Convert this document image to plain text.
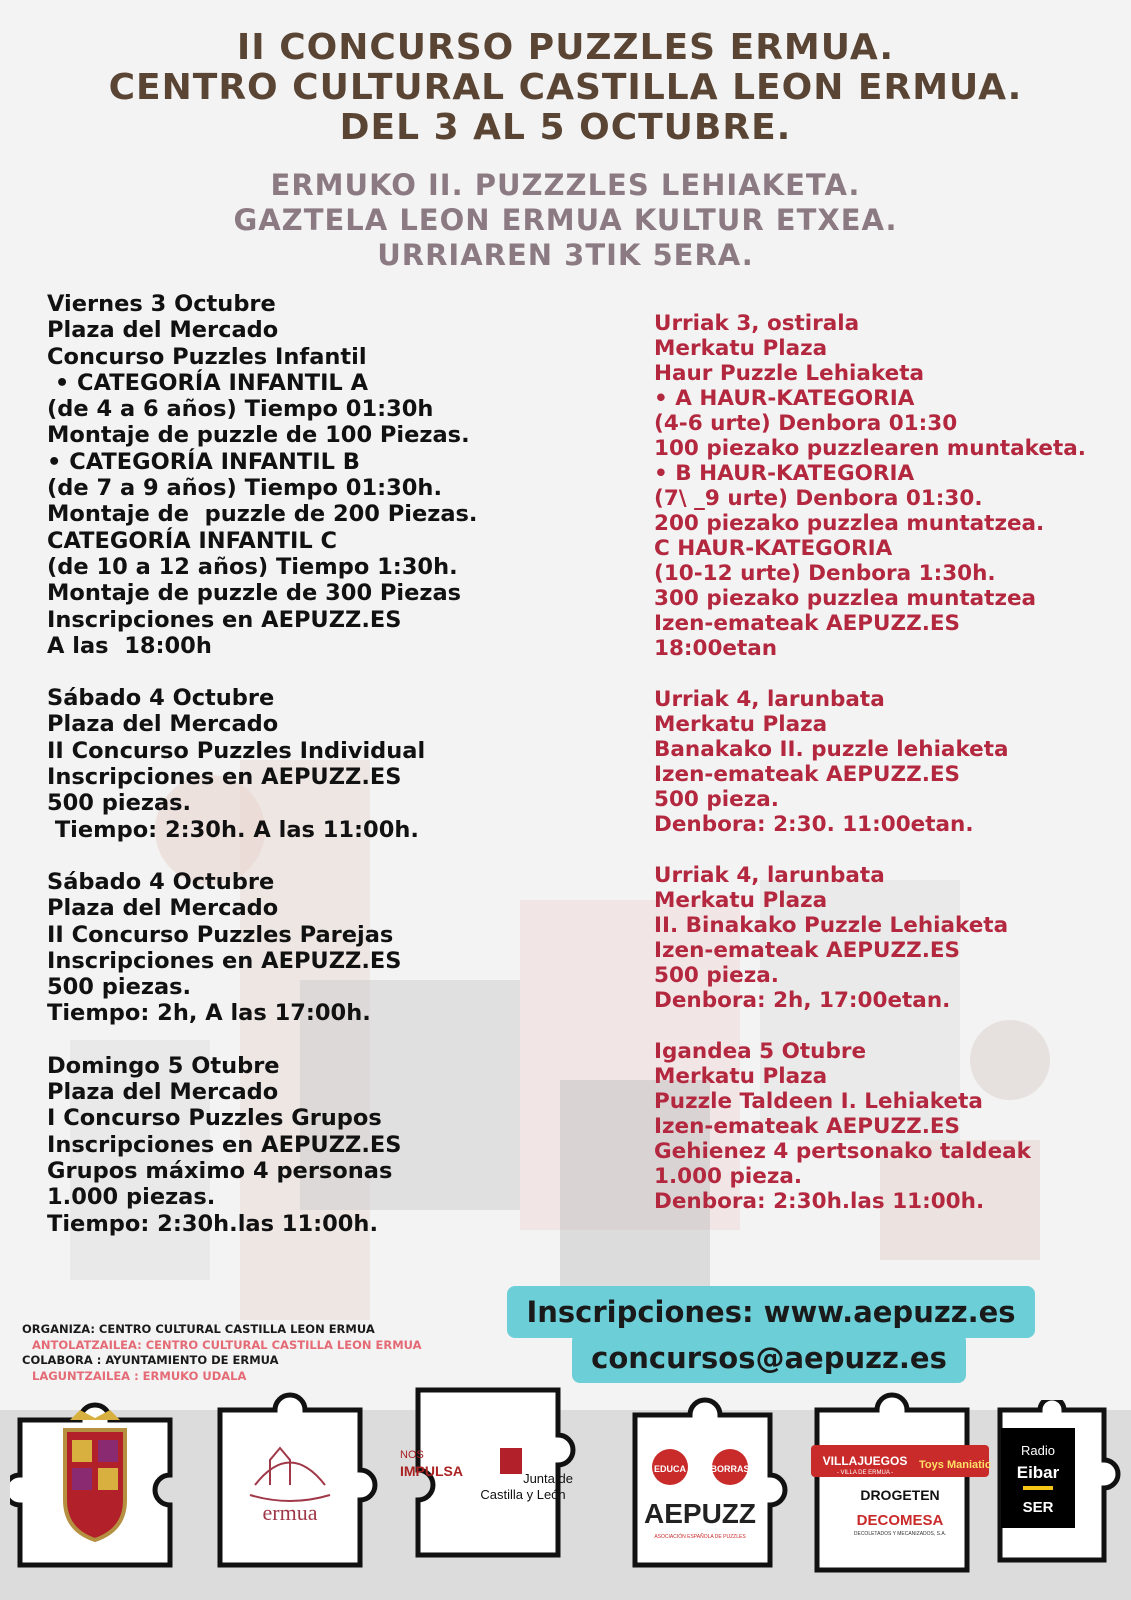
II CONCURSO PUZZLES ERMUA.
CENTRO CULTURAL CASTILLA LEON ERMUA.
DEL 3 AL 5 OCTUBRE.
ERMUKO II. PUZZZLES LEHIAKETA.
GAZTELA LEON ERMUA KULTUR ETXEA.
URRIAREN 3TIK 5ERA.
Viernes 3 Octubre
Plaza del Mercado
Concurso Puzzles Infantil
• CATEGORÍA INFANTIL A
(de 4 a 6 años) Tiempo 01:30h
Montaje de puzzle de 100 Piezas.
• CATEGORÍA INFANTIL B
(de 7 a 9 años) Tiempo 01:30h.
Montaje de  puzzle de 200 Piezas.
CATEGORÍA INFANTIL C
(de 10 a 12 años) Tiempo 1:30h.
Montaje de puzzle de 300 Piezas
Inscripciones en AEPUZZ.ES
A las  18:00h
Sábado 4 Octubre
Plaza del Mercado
II Concurso Puzzles Individual
Inscripciones en AEPUZZ.ES
500 piezas.
Tiempo: 2:30h. A las 11:00h.
Sábado 4 Octubre
Plaza del Mercado
II Concurso Puzzles Parejas
Inscripciones en AEPUZZ.ES
500 piezas.
Tiempo: 2h, A las 17:00h.
Domingo 5 Otubre
Plaza del Mercado
I Concurso Puzzles Grupos
Inscripciones en AEPUZZ.ES
Grupos máximo 4 personas
1.000 piezas.
Tiempo: 2:30h.las 11:00h.
Urriak 3, ostirala
Merkatu Plaza
Haur Puzzle Lehiaketa
• A HAUR-KATEGORIA
(4-6 urte) Denbora 01:30
100 piezako puzzlearen muntaketa.
• B HAUR-KATEGORIA
(7\ _9 urte) Denbora 01:30.
200 piezako puzzlea muntatzea.
C HAUR-KATEGORIA
(10-12 urte) Denbora 1:30h.
300 piezako puzzlea muntatzea
Izen-emateak AEPUZZ.ES
18:00etan
Urriak 4, larunbata
Merkatu Plaza
Banakako II. puzzle lehiaketa
Izen-emateak AEPUZZ.ES
500 pieza.
Denbora: 2:30. 11:00etan.
Urriak 4, larunbata
Merkatu Plaza
II. Binakako Puzzle Lehiaketa
Izen-emateak AEPUZZ.ES
500 pieza.
Denbora: 2h, 17:00etan.
Igandea 5 Otubre
Merkatu Plaza
Puzzle Taldeen I. Lehiaketa
Izen-emateak AEPUZZ.ES
Gehienez 4 pertsonako taldeak
1.000 pieza.
Denbora: 2:30h.las 11:00h.
Inscripciones: www.aepuzz.es
concursos@aepuzz.es
ORGANIZA: CENTRO CULTURAL CASTILLA LEON ERMUA
ANTOLATZAILEA: CENTRO CULTURAL CASTILLA LEON ERMUA
COLABORA : AYUNTAMIENTO DE ERMUA
LAGUNTZAILEA : ERMUKO UDALA
ermua
NOS
IMPULSA	Junta de
Castilla y León
EDUCA	BORRAS
AEPUZZ
ASOCIACIÓN ESPAÑOLA DE PUZZLES
VILLAJUEGOS
- VILLA DE ERMUA -
Toys Maniatic
DROGETEN
DECOMESA
DECOLETADOS Y MECANIZADOS, S.A.
Radio
Eibar
SER
